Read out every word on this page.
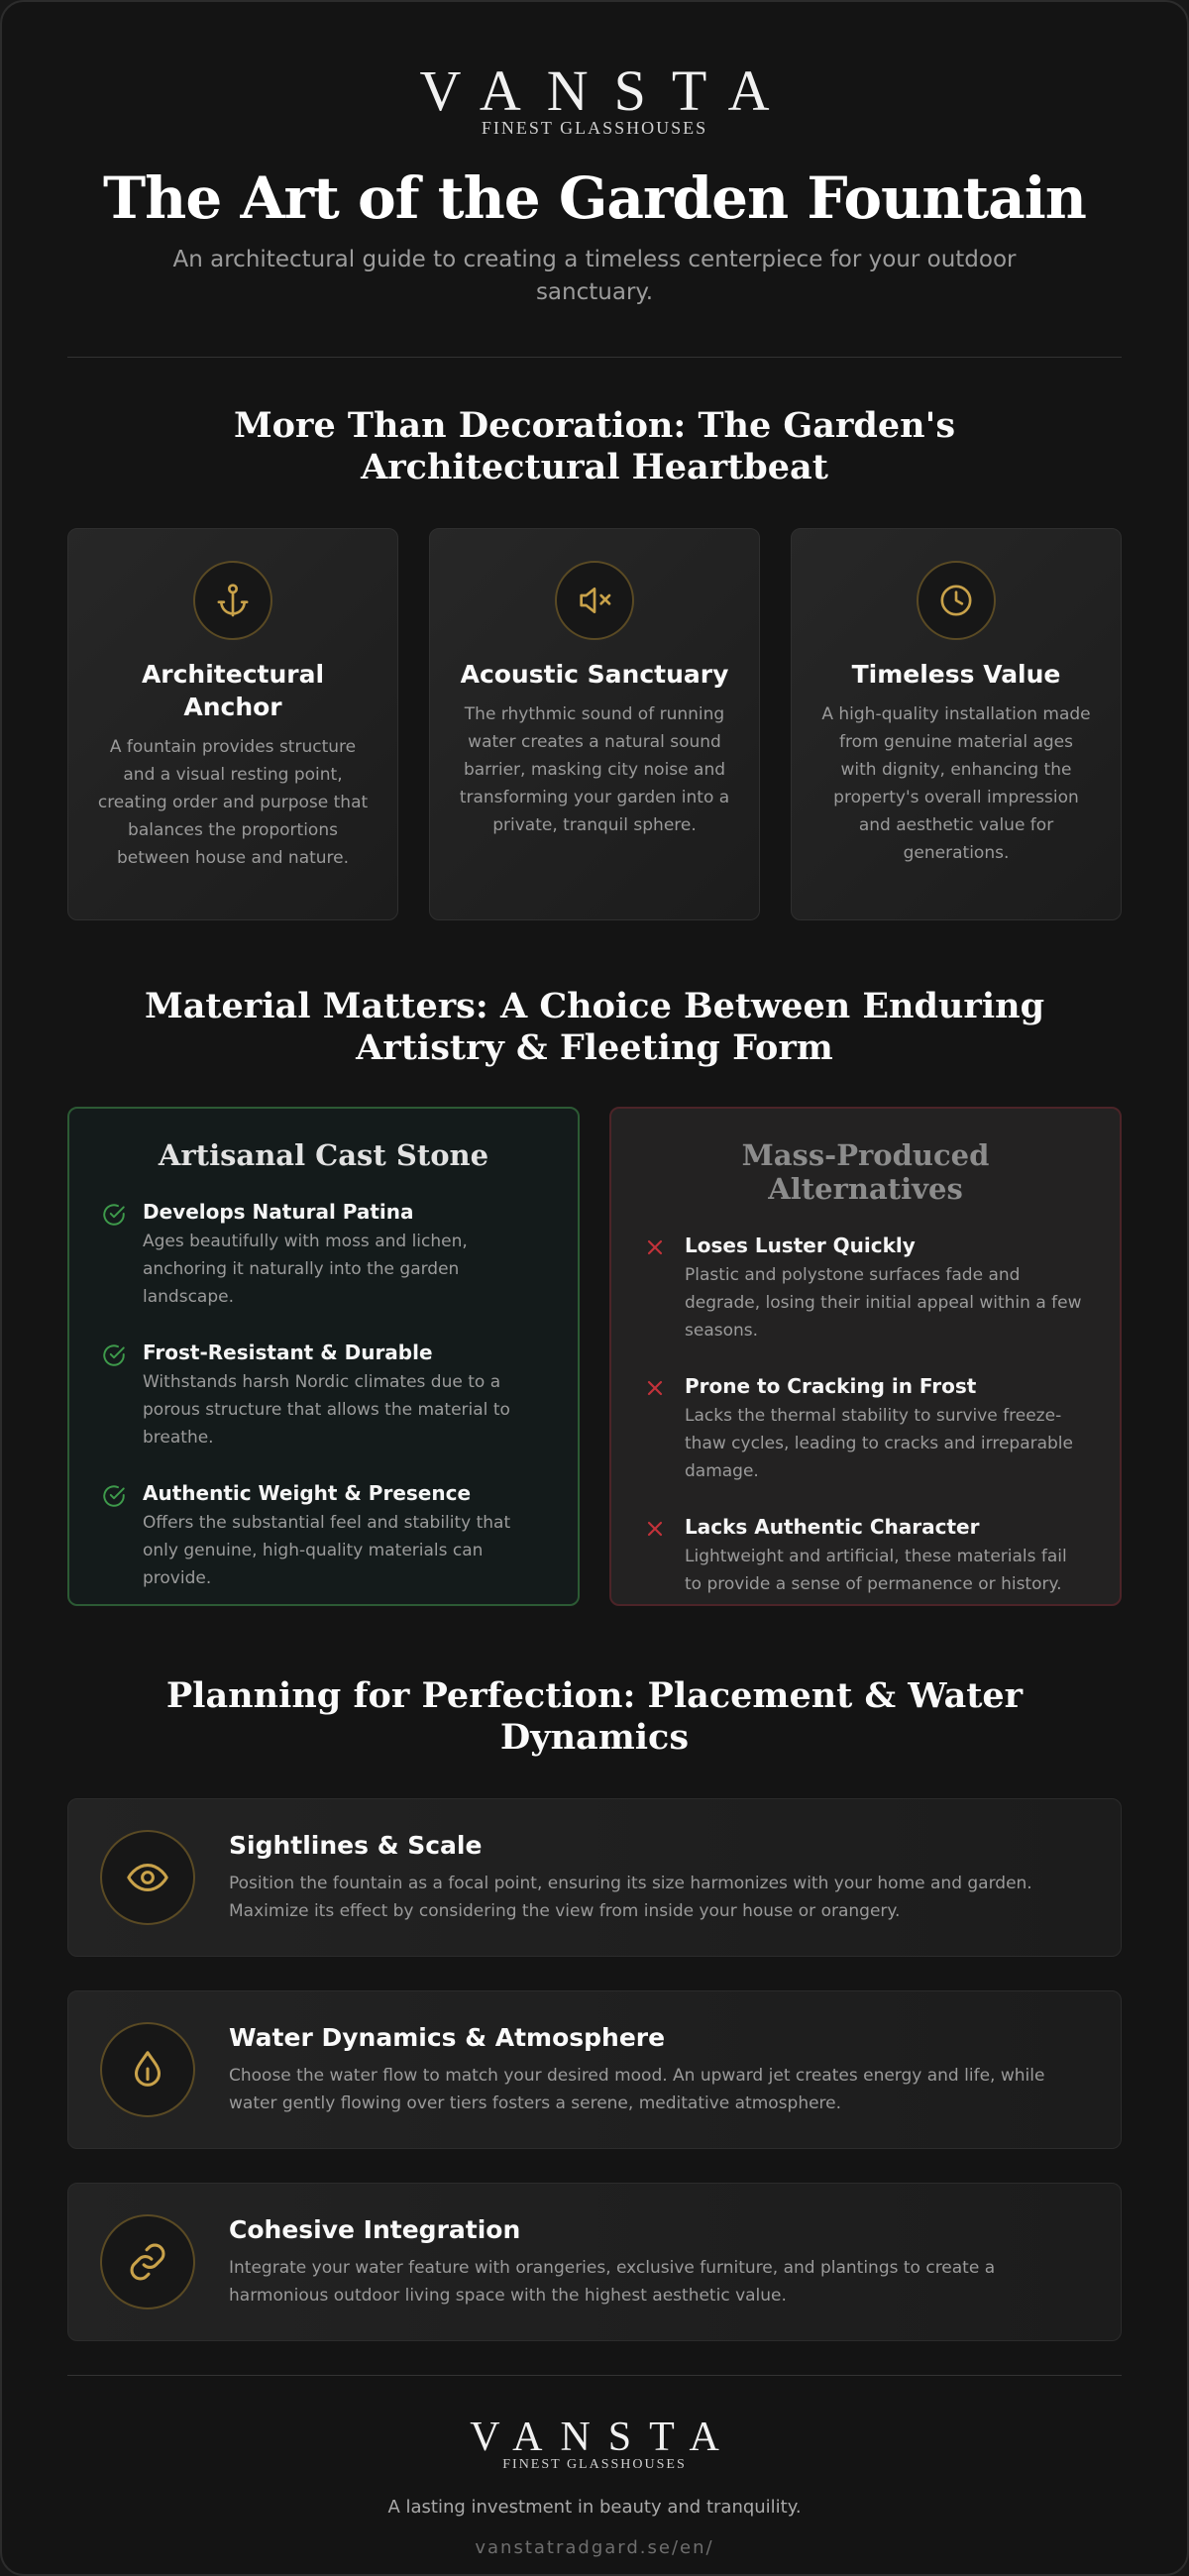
VANSTA
FINEST GLASSHOUSES
The Art of the Garden Fountain
An architectural guide to creating a timeless centerpiece for your outdoor sanctuary.
More Than Decoration: The Garden's Architectural Heartbeat
Architectural Anchor

A fountain provides structure and a visual resting point, creating order and purpose that balances the proportions between house and nature.

Acoustic Sanctuary

The rhythmic sound of running water creates a natural sound barrier, masking city noise and transforming your garden into a private, tranquil sphere.

Timeless Value

A high-quality installation made from genuine material ages with dignity, enhancing the property's overall impression and aesthetic value for generations.

Material Matters: A Choice Between Enduring Artistry & Fleeting Form
Artisanal Cast Stone
Develops Natural Patina

Ages beautifully with moss and lichen, anchoring it naturally into the garden landscape.

Frost-Resistant & Durable

Withstands harsh Nordic climates due to a porous structure that allows the material to breathe.

Authentic Weight & Presence

Offers the substantial feel and stability that only genuine, high-quality materials can provide.

Mass-Produced Alternatives
Loses Luster Quickly

Plastic and polystone surfaces fade and degrade, losing their initial appeal within a few seasons.

Prone to Cracking in Frost

Lacks the thermal stability to survive freeze-thaw cycles, leading to cracks and irreparable damage.

Lacks Authentic Character

Lightweight and artificial, these materials fail to provide a sense of permanence or history.

Planning for Perfection: Placement & Water Dynamics
Sightlines & Scale

Position the fountain as a focal point, ensuring its size harmonizes with your home and garden. Maximize its effect by considering the view from inside your house or orangery.

Water Dynamics & Atmosphere

Choose the water flow to match your desired mood. An upward jet creates energy and life, while water gently flowing over tiers fosters a serene, meditative atmosphere.

Cohesive Integration

Integrate your water feature with orangeries, exclusive furniture, and plantings to create a harmonious outdoor living space with the highest aesthetic value.

VANSTA
FINEST GLASSHOUSES
A lasting investment in beauty and tranquility.
vanstatradgard.se/en/
